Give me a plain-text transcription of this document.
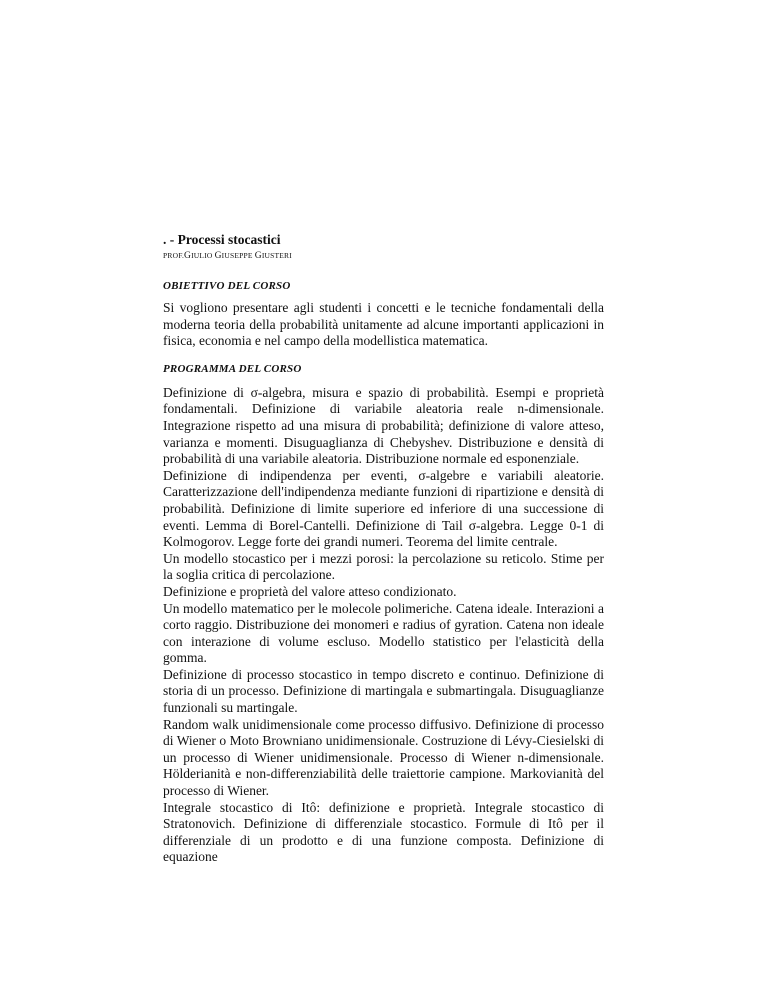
. - Processi stocastici

PROF.GIULIO GIUSEPPE GIUSTERI

OBIETTIVO DEL CORSO

Si vogliono presentare agli studenti i concetti e le tecniche fondamentali della moderna teoria della probabilità unitamente ad alcune importanti applicazioni in fisica, economia e nel campo della modellistica matematica.

PROGRAMMA DEL CORSO

Definizione di σ-algebra, misura e spazio di probabilità. Esempi e proprietà fondamentali. Definizione di variabile aleatoria reale n-dimensionale. Integrazione rispetto ad una misura di probabilità; definizione di valore atteso, varianza e momenti. Disuguaglianza di Chebyshev. Distribuzione e densità di probabilità di una variabile aleatoria. Distribuzione normale ed esponenziale.

Definizione di indipendenza per eventi, σ-algebre e variabili aleatorie. Caratterizzazione dell'indipendenza mediante funzioni di ripartizione e densità di probabilità. Definizione di limite superiore ed inferiore di una successione di eventi. Lemma di Borel-Cantelli. Definizione di Tail σ-algebra. Legge 0-1 di Kolmogorov. Legge forte dei grandi numeri. Teorema del limite centrale.

Un modello stocastico per i mezzi porosi: la percolazione su reticolo. Stime per la soglia critica di percolazione.

Definizione e proprietà del valore atteso condizionato.

Un modello matematico per le molecole polimeriche. Catena ideale. Interazioni a corto raggio. Distribuzione dei monomeri e radius of gyration. Catena non ideale con interazione di volume escluso. Modello statistico per l'elasticità della gomma.

Definizione di processo stocastico in tempo discreto e continuo. Definizione di storia di un processo. Definizione di martingala e submartingala. Disuguaglianze funzionali su martingale.

Random walk unidimensionale come processo diffusivo. Definizione di processo di Wiener o Moto Browniano unidimensionale. Costruzione di Lévy-Ciesielski di un processo di Wiener unidimensionale. Processo di Wiener n-dimensionale. Hölderianità e non-differenziabilità delle traiettorie campione. Markovianità del processo di Wiener.

Integrale stocastico di Itô: definizione e proprietà. Integrale stocastico di Stratonovich. Definizione di differenziale stocastico. Formule di Itô per il differenziale di un prodotto e di una funzione composta. Definizione di equazione
